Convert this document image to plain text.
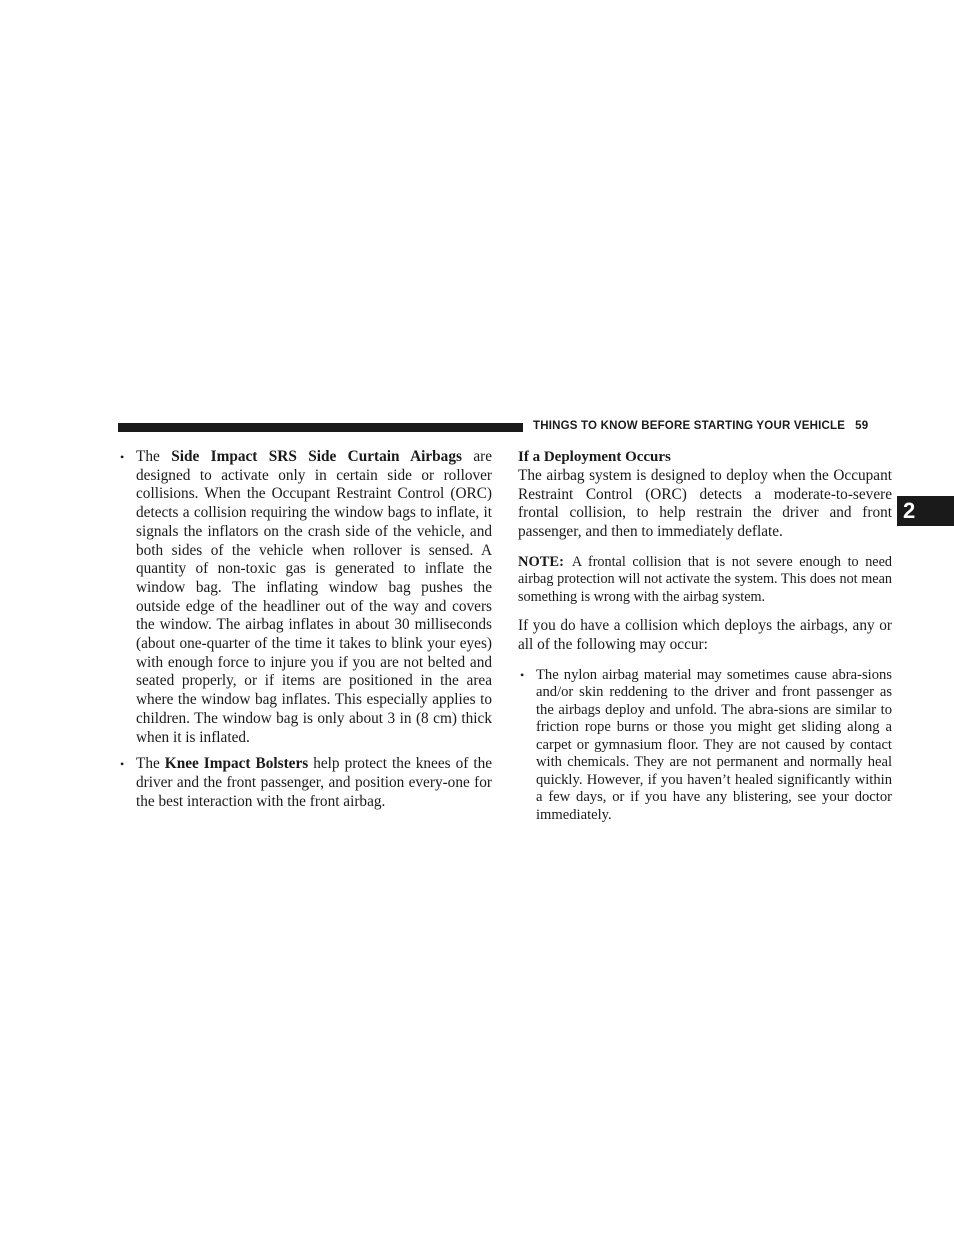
THINGS TO KNOW BEFORE STARTING YOUR VEHICLE 59
2
• The Side Impact SRS Side Curtain Airbags are designed to activate only in certain side or rollover collisions. When the Occupant Restraint Control (ORC) detects a collision requiring the window bags to inflate, it signals the inflators on the crash side of the vehicle, and both sides of the vehicle when rollover is sensed. A quantity of non-toxic gas is generated to inflate the window bag. The inflating window bag pushes the outside edge of the headliner out of the way and covers the window. The airbag inflates in about 30 milliseconds (about one-quarter of the time it takes to blink your eyes) with enough force to injure you if you are not belted and seated properly, or if items are positioned in the area where the window bag inflates. This especially applies to children. The window bag is only about 3 in (8 cm) thick when it is inflated.
• The Knee Impact Bolsters help protect the knees of the driver and the front passenger, and position every-one for the best interaction with the front airbag.
If a Deployment Occurs

The airbag system is designed to deploy when the Occupant Restraint Control (ORC) detects a moderate-to-severe frontal collision, to help restrain the driver and front passenger, and then to immediately deflate.

NOTE: A frontal collision that is not severe enough to need airbag protection will not activate the system. This does not mean something is wrong with the airbag system.

If you do have a collision which deploys the airbags, any or all of the following may occur:

• The nylon airbag material may sometimes cause abra-sions and/or skin reddening to the driver and front passenger as the airbags deploy and unfold. The abra-sions are similar to friction rope burns or those you might get sliding along a carpet or gymnasium floor. They are not caused by contact with chemicals. They are not permanent and normally heal quickly. However, if you haven’t healed significantly within a few days, or if you have any blistering, see your doctor immediately.
